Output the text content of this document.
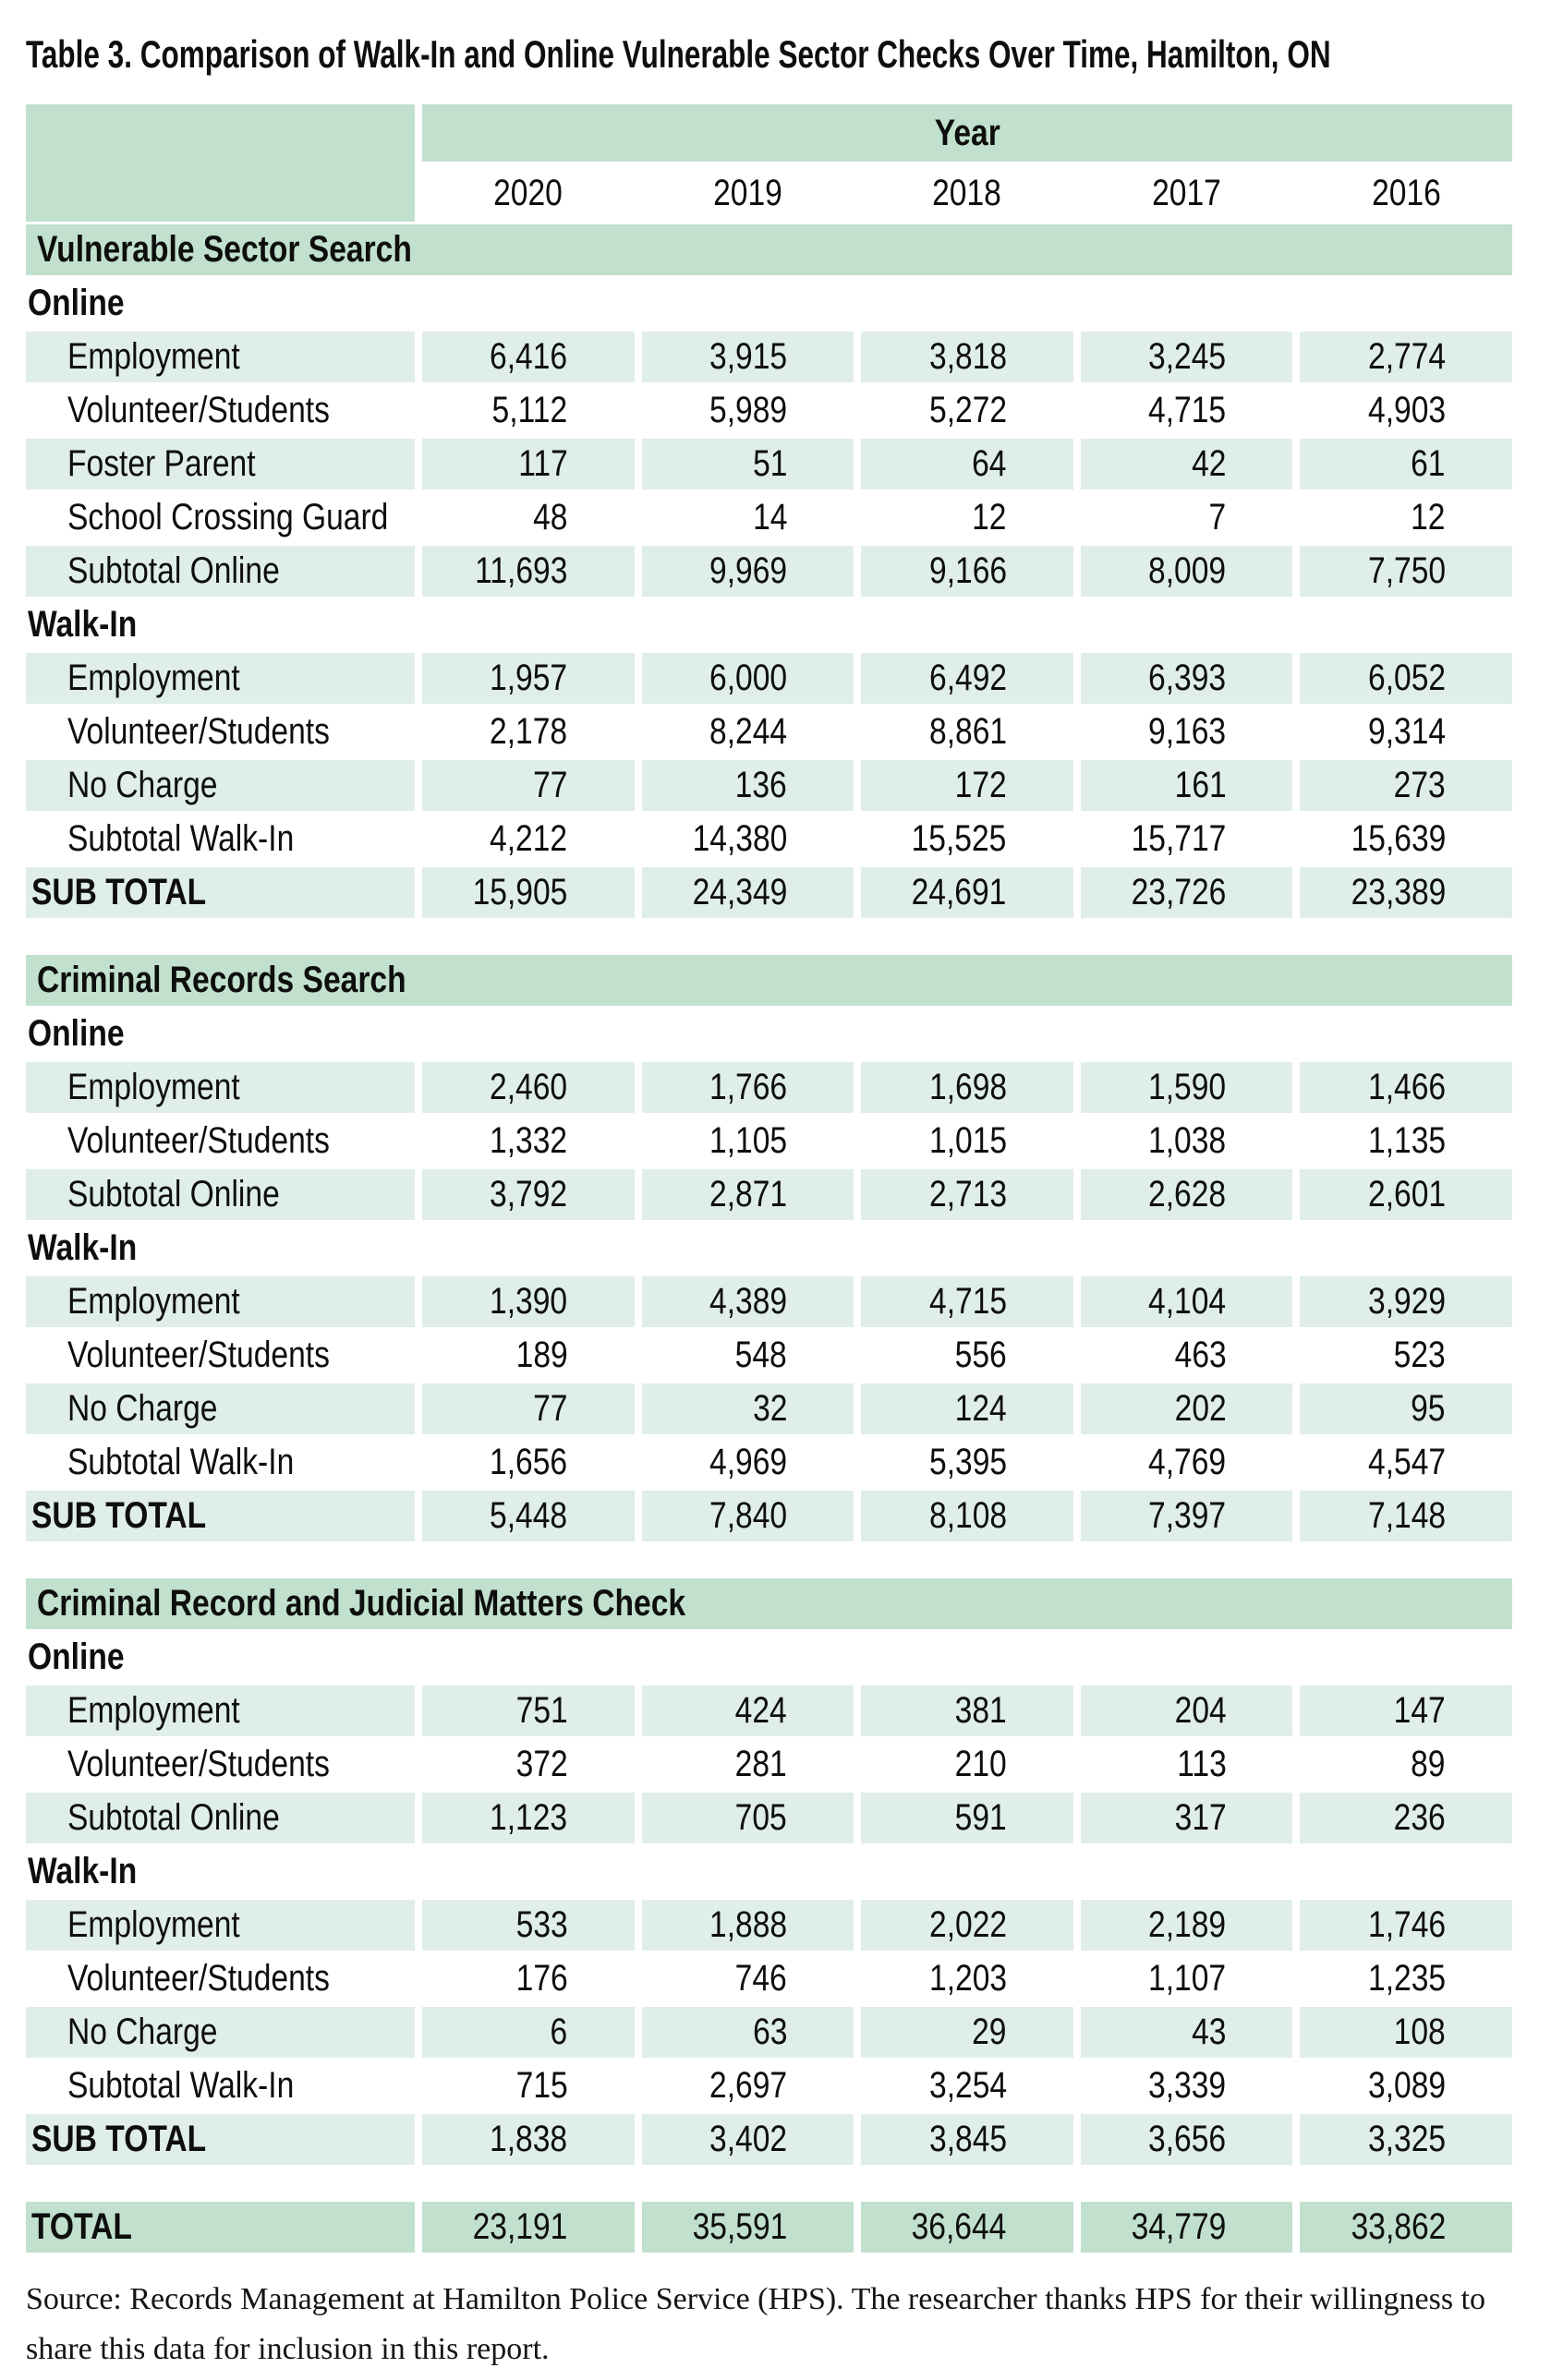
Table 3. Comparison of Walk-In and Online Vulnerable Sector Checks Over Time, Hamilton, ON
Year
2020	2019	2018	2017	2016
Vulnerable Sector Search
Online
Employment	6,416	3,915	3,818	3,245	2,774
Volunteer/Students	5,112	5,989	5,272	4,715	4,903
Foster Parent	117	51	64	42	61
School Crossing Guard	48	14	12	7	12
Subtotal Online	11,693	9,969	9,166	8,009	7,750
Walk-In
Employment	1,957	6,000	6,492	6,393	6,052
Volunteer/Students	2,178	8,244	8,861	9,163	9,314
No Charge	77	136	172	161	273
Subtotal Walk-In	4,212	14,380	15,525	15,717	15,639
SUB TOTAL	15,905	24,349	24,691	23,726	23,389
Criminal Records Search
Online
Employment	2,460	1,766	1,698	1,590	1,466
Volunteer/Students	1,332	1,105	1,015	1,038	1,135
Subtotal Online	3,792	2,871	2,713	2,628	2,601
Walk-In
Employment	1,390	4,389	4,715	4,104	3,929
Volunteer/Students	189	548	556	463	523
No Charge	77	32	124	202	95
Subtotal Walk-In	1,656	4,969	5,395	4,769	4,547
SUB TOTAL	5,448	7,840	8,108	7,397	7,148
Criminal Record and Judicial Matters Check
Online
Employment	751	424	381	204	147
Volunteer/Students	372	281	210	113	89
Subtotal Online	1,123	705	591	317	236
Walk-In
Employment	533	1,888	2,022	2,189	1,746
Volunteer/Students	176	746	1,203	1,107	1,235
No Charge	6	63	29	43	108
Subtotal Walk-In	715	2,697	3,254	3,339	3,089
SUB TOTAL	1,838	3,402	3,845	3,656	3,325
TOTAL	23,191	35,591	36,644	34,779	33,862

Source: Records Management at Hamilton Police Service (HPS). The researcher thanks HPS for their willingness to share this data for inclusion in this report.
